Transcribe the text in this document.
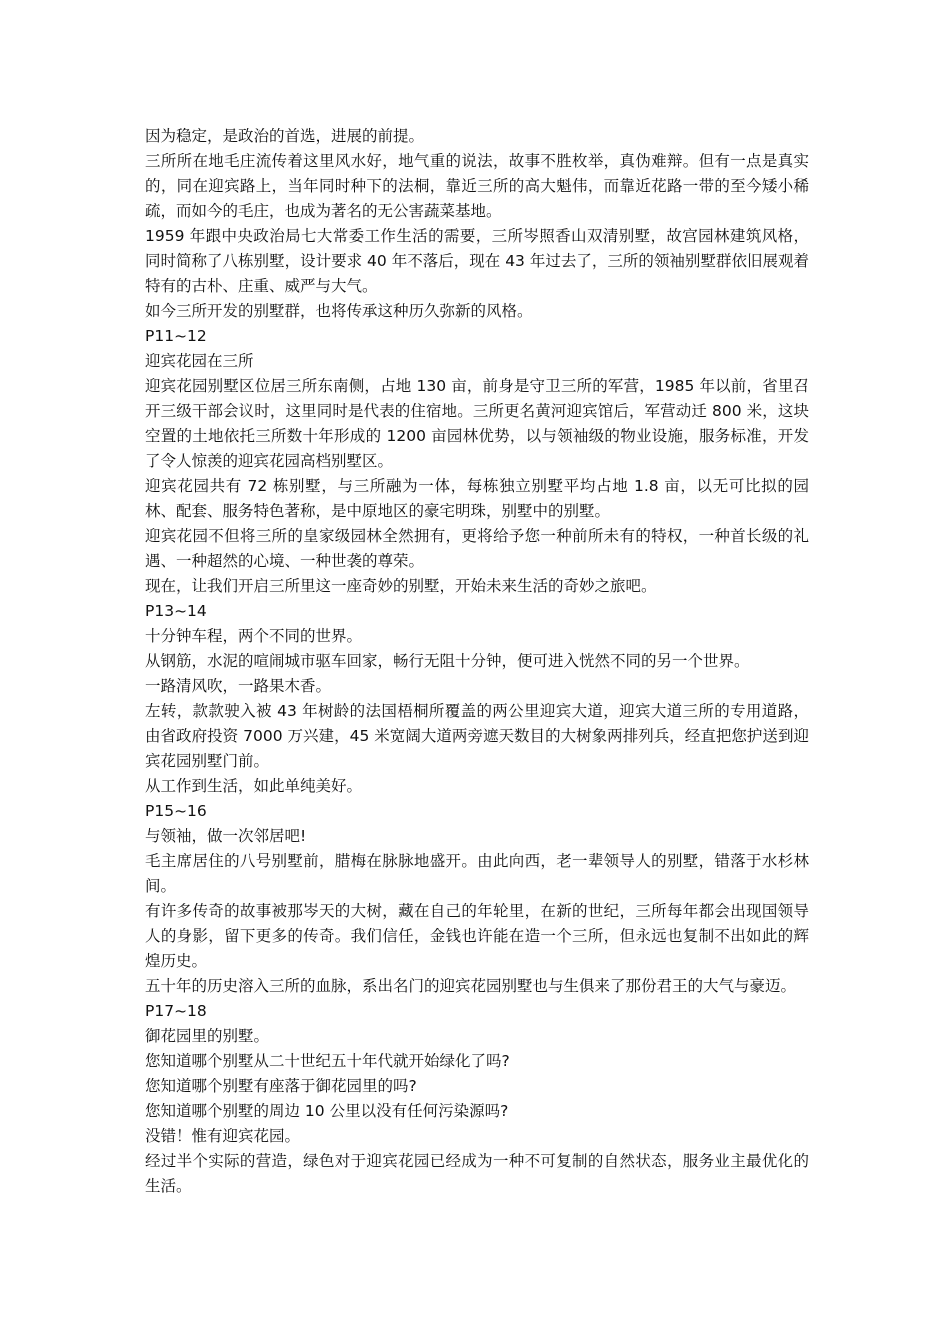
因为稳定，是政治的首选，进展的前提。

三所所在地毛庄流传着这里风水好，地气重的说法，故事不胜枚举，真伪难辩。但有一点是真实的，同在迎宾路上，当年同时种下的法桐，靠近三所的高大魁伟，而靠近花路一带的至今矮小稀疏，而如今的毛庄，也成为著名的无公害蔬菜基地。

1959 年跟中央政治局七大常委工作生活的需要，三所岑照香山双清别墅，故宫园林建筑风格，同时简称了八栋别墅，设计要求 40 年不落后，现在 43 年过去了，三所的领袖别墅群依旧展观着特有的古朴、庄重、威严与大气。

如今三所开发的别墅群，也将传承这种历久弥新的风格。

P11~12

迎宾花园在三所

迎宾花园别墅区位居三所东南侧，占地 130 亩，前身是守卫三所的军营，1985 年以前，省里召开三级干部会议时，这里同时是代表的住宿地。三所更名黄河迎宾馆后，军营动迁 800 米，这块空置的土地依托三所数十年形成的 1200 亩园林优势，以与领袖级的物业设施，服务标准，开发了令人惊羡的迎宾花园高档别墅区。

迎宾花园共有 72 栋别墅，与三所融为一体，每栋独立别墅平均占地 1.8 亩，以无可比拟的园林、配套、服务特色著称，是中原地区的豪宅明珠，别墅中的别墅。

迎宾花园不但将三所的皇家级园林全然拥有，更将给予您一种前所未有的特权，一种首长级的礼遇、一种超然的心境、一种世袭的尊荣。

现在，让我们开启三所里这一座奇妙的别墅，开始未来生活的奇妙之旅吧。

P13~14

十分钟车程，两个不同的世界。

从钢筋，水泥的喧闹城市驱车回家，畅行无阻十分钟，便可进入恍然不同的另一个世界。

一路清风吹，一路果木香。

左转，款款驶入被 43 年树龄的法国梧桐所覆盖的两公里迎宾大道，迎宾大道三所的专用道路，由省政府投资 7000 万兴建，45 米宽阔大道两旁遮天数目的大树象两排列兵，经直把您护送到迎宾花园别墅门前。

从工作到生活，如此单纯美好。

P15~16

与领袖，做一次邻居吧!

毛主席居住的八号别墅前，腊梅在脉脉地盛开。由此向西，老一辈领导人的别墅，错落于水杉林间。

有许多传奇的故事被那岑天的大树，藏在自己的年轮里，在新的世纪，三所每年都会出现国领导人的身影，留下更多的传奇。我们信任，金钱也许能在造一个三所，但永远也复制不出如此的辉煌历史。

五十年的历史溶入三所的血脉，系出名门的迎宾花园别墅也与生俱来了那份君王的大气与豪迈。

P17~18

御花园里的别墅。

您知道哪个别墅从二十世纪五十年代就开始绿化了吗?

您知道哪个别墅有座落于御花园里的吗?

您知道哪个别墅的周边 10 公里以没有任何污染源吗?

没错！惟有迎宾花园。

经过半个实际的营造，绿色对于迎宾花园已经成为一种不可复制的自然状态，服务业主最优化的生活。
